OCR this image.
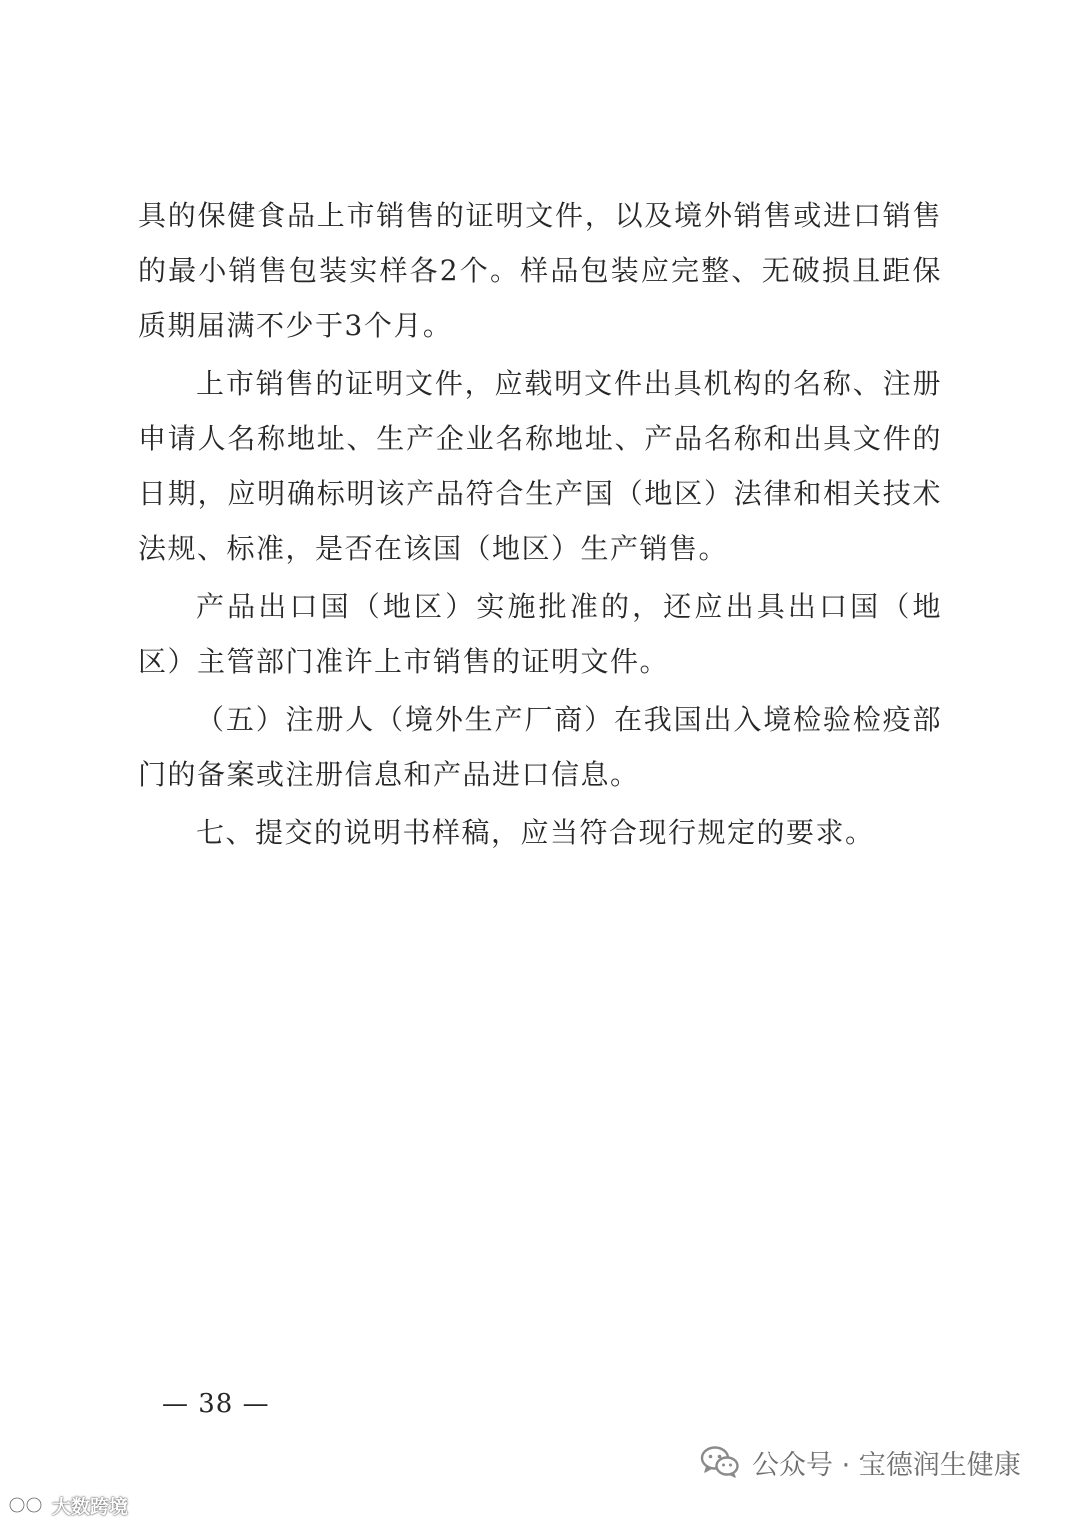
具的保健食品上市销售的证明文件，以及境外销售或进口销售的最小销售包装实样各2个。样品包装应完整、无破损且距保质期届满不少于3个月。

上市销售的证明文件，应载明文件出具机构的名称、注册申请人名称地址、生产企业名称地址、产品名称和出具文件的日期，应明确标明该产品符合生产国（地区）法律和相关技术法规、标准，是否在该国（地区）生产销售。

产品出口国（地区）实施批准的，还应出具出口国（地区）主管部门准许上市销售的证明文件。

（五）注册人（境外生产厂商）在我国出入境检验检疫部门的备案或注册信息和产品进口信息。

七、提交的说明书样稿，应当符合现行规定的要求。

— 38 —
公众号 · 宝德润生健康
大数跨境
